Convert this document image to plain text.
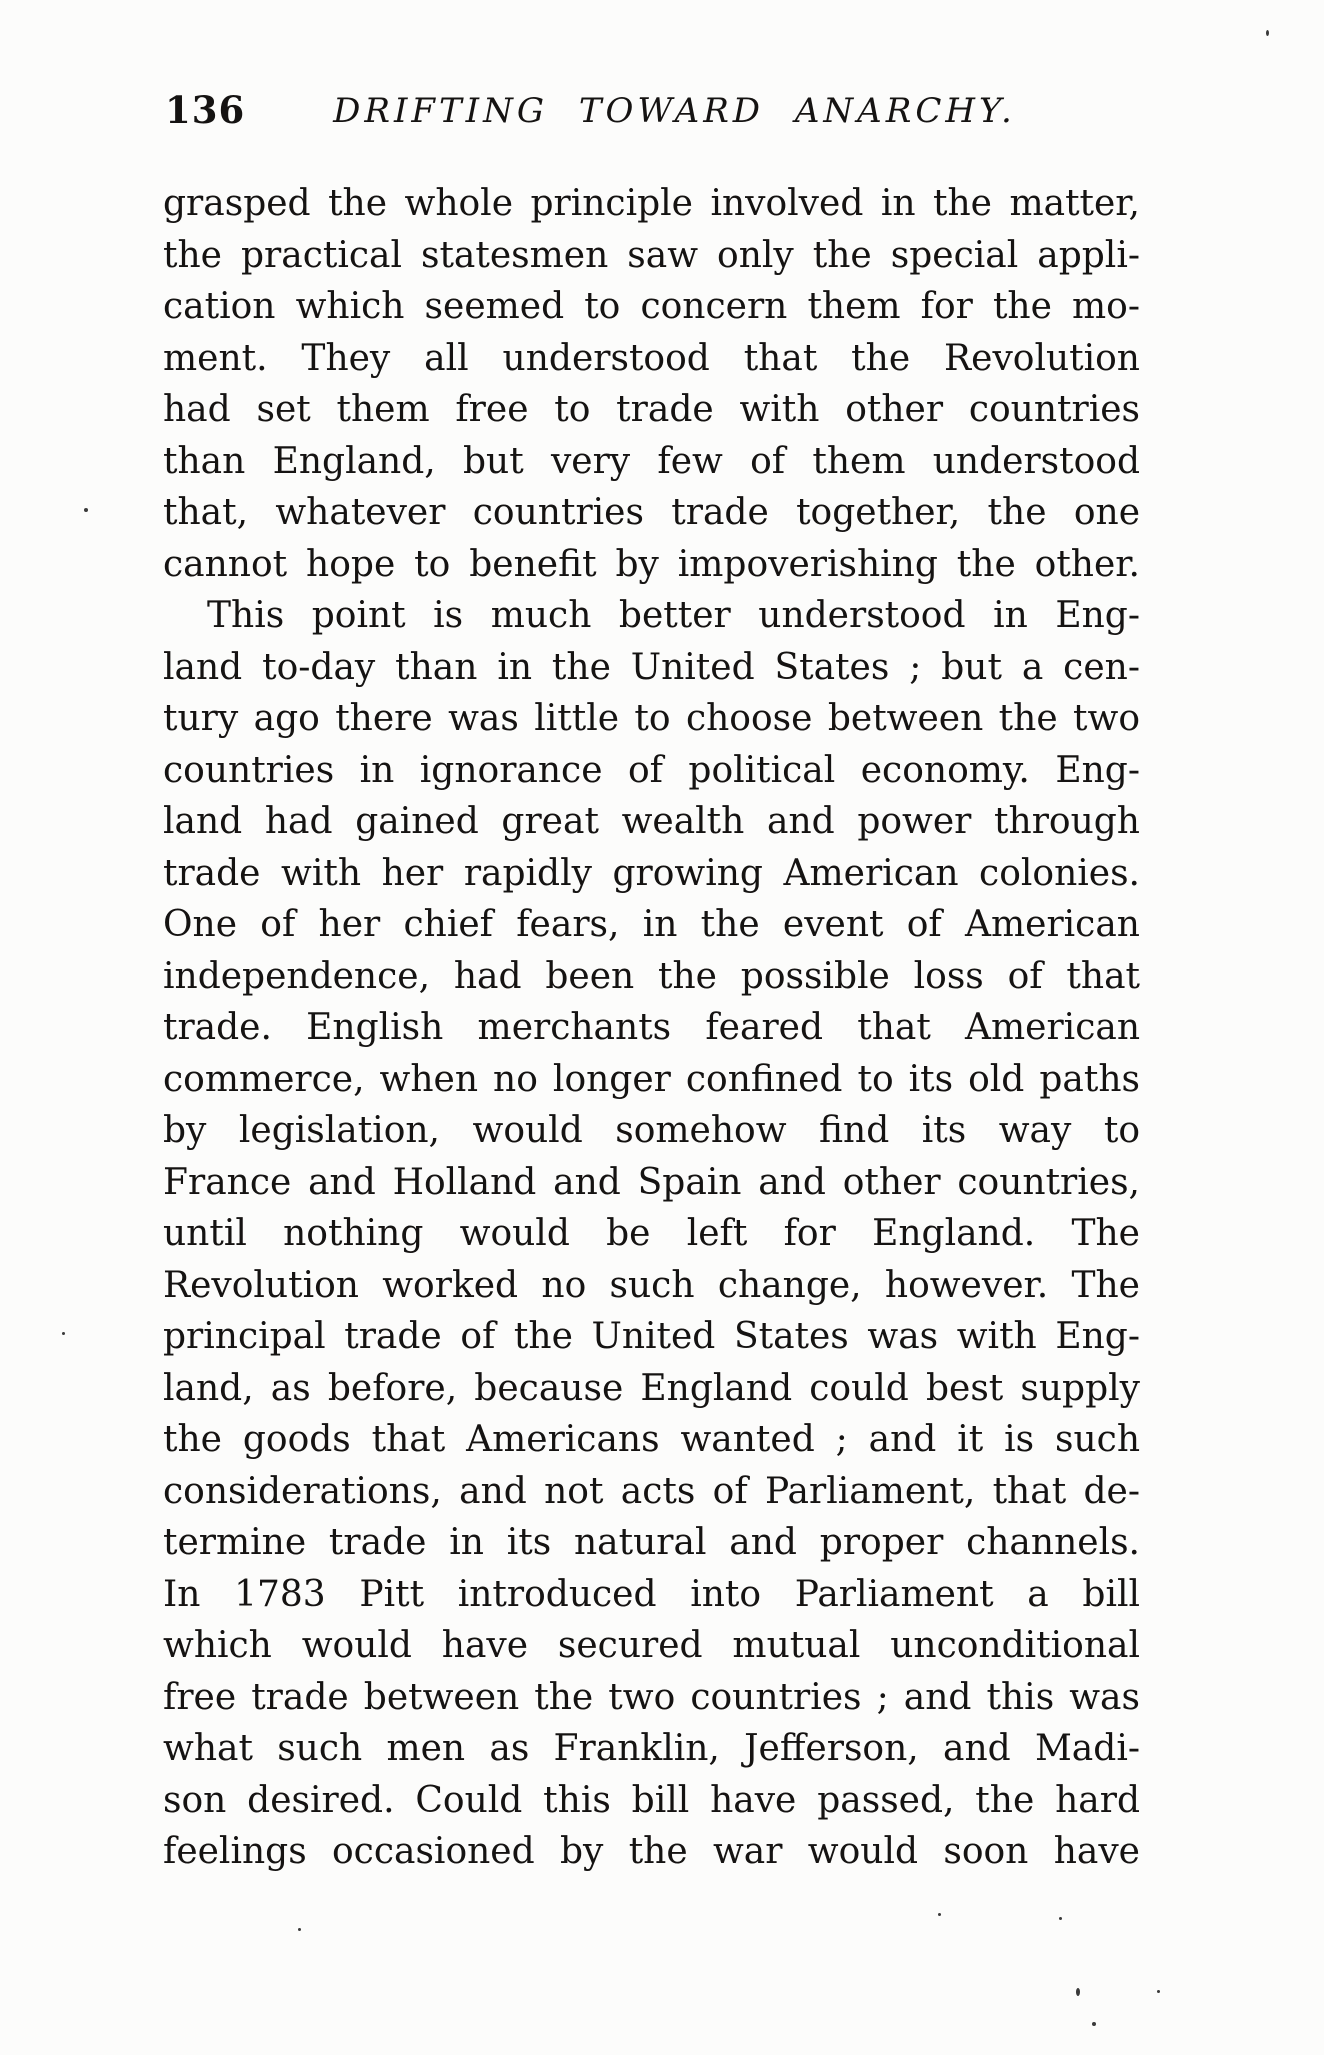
136	DRIFTING TOWARD ANARCHY.
grasped the whole principle involved in the matter,
the practical statesmen saw only the special appli-
cation which seemed to concern them for the mo-
ment. They all understood that the Revolution
had set them free to trade with other countries
than England, but very few of them understood
that, whatever countries trade together, the one
cannot hope to benefit by impoverishing the other.
This point is much better understood in Eng-
land to-day than in the United States ; but a cen-
tury ago there was little to choose between the two
countries in ignorance of political economy. Eng-
land had gained great wealth and power through
trade with her rapidly growing American colonies.
One of her chief fears, in the event of American
independence, had been the possible loss of that
trade. English merchants feared that American
commerce, when no longer confined to its old paths
by legislation, would somehow find its way to
France and Holland and Spain and other countries,
until nothing would be left for England. The
Revolution worked no such change, however. The
principal trade of the United States was with Eng-
land, as before, because England could best supply
the goods that Americans wanted ; and it is such
considerations, and not acts of Parliament, that de-
termine trade in its natural and proper channels.
In 1783 Pitt introduced into Parliament a bill
which would have secured mutual unconditional
free trade between the two countries ; and this was
what such men as Franklin, Jefferson, and Madi-
son desired. Could this bill have passed, the hard
feelings occasioned by the war would soon have
